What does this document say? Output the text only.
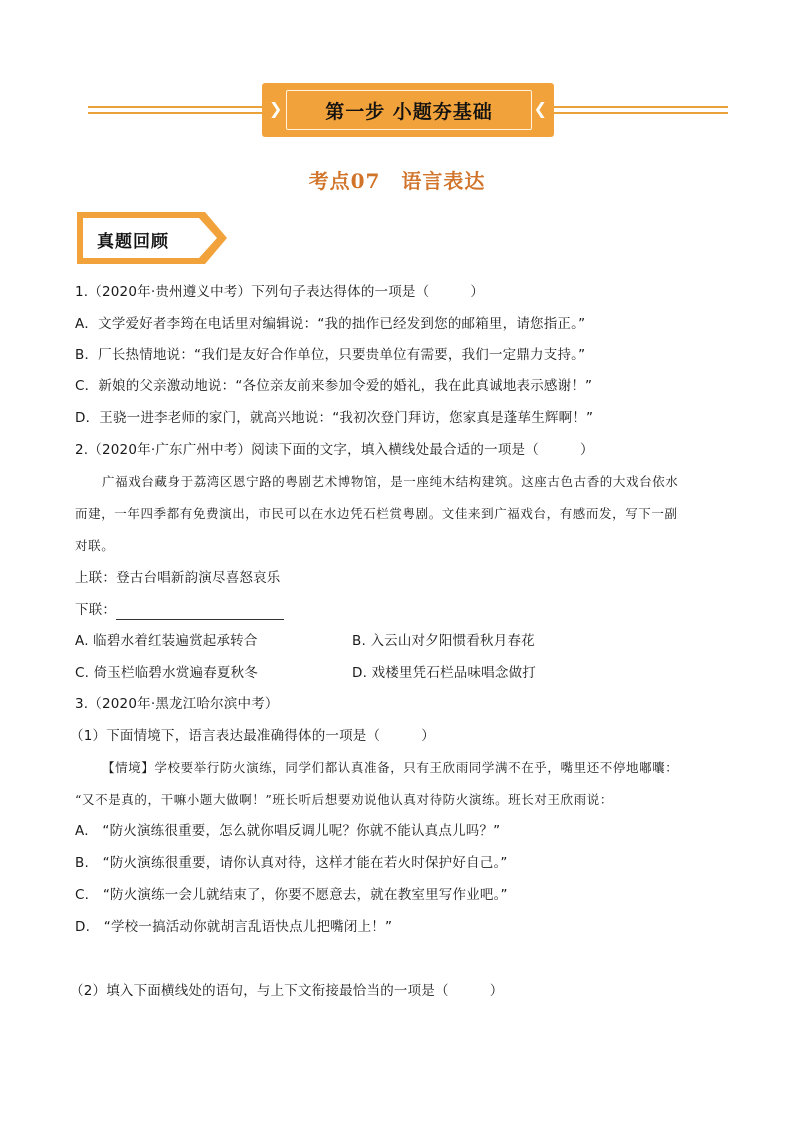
❯ 第一步 小题夯基础	❮
考点07　语言表达
真题回顾
1.（2020年·贵州遵义中考）下列句子表达得体的一项是（　　　）
A．文学爱好者李筠在电话里对编辑说：“我的拙作已经发到您的邮箱里，请您指正。”
B．厂长热情地说：“我们是友好合作单位，只要贵单位有需要，我们一定鼎力支持。”
C．新娘的父亲激动地说：“各位亲友前来参加令爱的婚礼，我在此真诚地表示感谢！”
D．王骁一进李老师的家门，就高兴地说：“我初次登门拜访，您家真是蓬荜生辉啊！”
2.（2020年·广东广州中考）阅读下面的文字，填入横线处最合适的一项是（　　　）
广福戏台藏身于荔湾区恩宁路的粤剧艺术博物馆，是一座纯木结构建筑。这座古色古香的大戏台依水
而建，一年四季都有免费演出，市民可以在水边凭石栏赏粤剧。文佳来到广福戏台，有感而发，写下一副
对联。
上联：登古台唱新韵演尽喜怒哀乐
下联：
A. 临碧水着红装遍赏起承转合	B. 入云山对夕阳惯看秋月春花
C. 倚玉栏临碧水赏遍春夏秋冬	D. 戏楼里凭石栏品味唱念做打
3.（2020年·黑龙江哈尔滨中考）
（1）下面情境下，语言表达最准确得体的一项是（　　　）
【情境】学校要举行防火演练，同学们都认真准备，只有王欣雨同学满不在乎，嘴里还不停地嘟囔：
“又不是真的，干嘛小题大做啊！”班长听后想要劝说他认真对待防火演练。班长对王欣雨说：
A.　“防火演练很重要，怎么就你唱反调儿呢？你就不能认真点儿吗？”
B.　“防火演练很重要，请你认真对待，这样才能在若火时保护好自己。”
C.　“防火演练一会儿就结束了，你要不愿意去，就在教室里写作业吧。”
D.　“学校一搞活动你就胡言乱语快点儿把嘴闭上！”
（2）填入下面横线处的语句，与上下文衔接最恰当的一项是（　　　）
